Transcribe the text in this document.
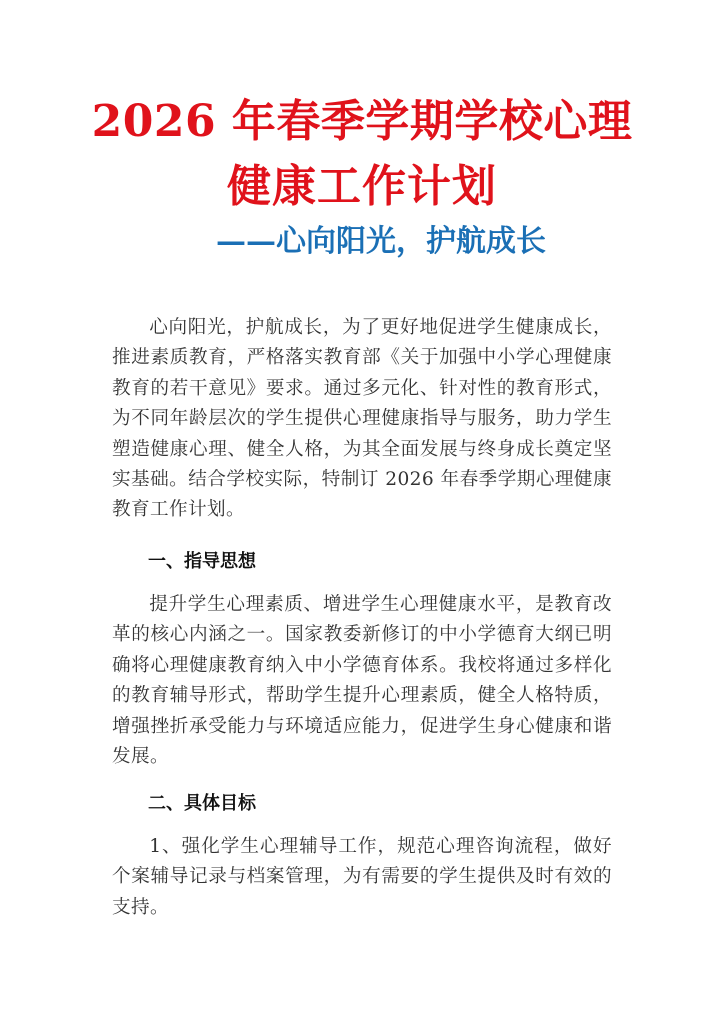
2026 年春季学期学校心理
健康工作计划
——心向阳光，护航成长

心向阳光，护航成长，为了更好地促进学生健康成长，推进素质教育，严格落实教育部《关于加强中小学心理健康教育的若干意见》要求。通过多元化、针对性的教育形式，为不同年龄层次的学生提供心理健康指导与服务，助力学生塑造健康心理、健全人格，为其全面发展与终身成长奠定坚实基础。结合学校实际，特制订 2026 年春季学期心理健康教育工作计划。

一、指导思想

提升学生心理素质、增进学生心理健康水平，是教育改革的核心内涵之一。国家教委新修订的中小学德育大纲已明确将心理健康教育纳入中小学德育体系。我校将通过多样化的教育辅导形式，帮助学生提升心理素质，健全人格特质，增强挫折承受能力与环境适应能力，促进学生身心健康和谐发展。

二、具体目标

1、强化学生心理辅导工作，规范心理咨询流程，做好个案辅导记录与档案管理，为有需要的学生提供及时有效的支持。
